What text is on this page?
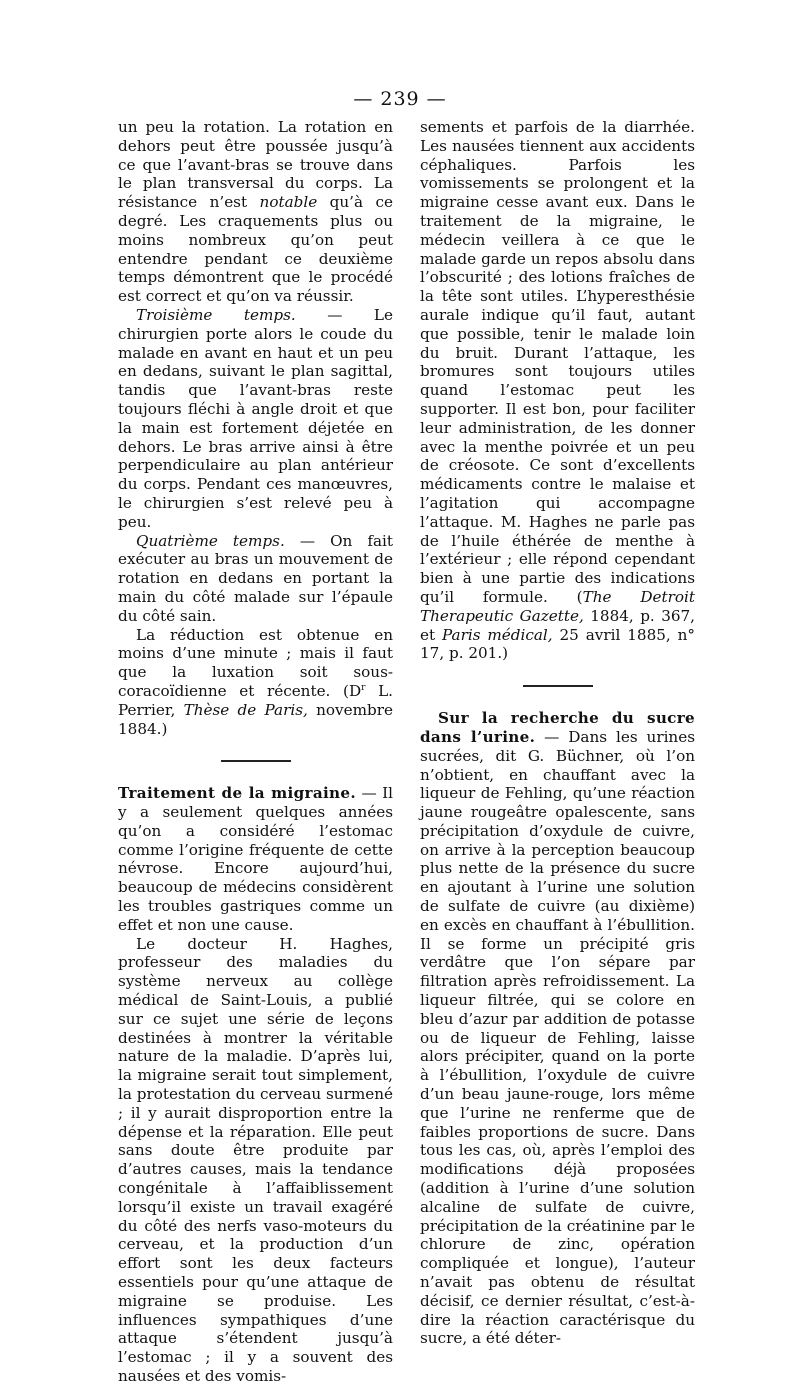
— 239 —

un peu la rotation. La rotation en dehors peut être poussée jusqu’à ce que l’avant-bras se trouve dans le plan transversal du corps. La résistance n’est notable qu’à ce degré. Les craquements plus ou moins nombreux qu’on peut entendre pendant ce deuxième temps démontrent que le procédé est correct et qu’on va réussir.

Troisième temps. — Le chirurgien porte alors le coude du malade en avant en haut et un peu en dedans, suivant le plan sagittal, tandis que l’avant-bras reste toujours fléchi à angle droit et que la main est fortement déjetée en dehors. Le bras arrive ainsi à être perpendiculaire au plan antérieur du corps. Pendant ces manœuvres, le chirurgien s’est relevé peu à peu.

Quatrième temps. — On fait exécuter au bras un mouvement de rotation en dedans en portant la main du côté malade sur l’épaule du côté sain.

La réduction est obtenue en moins d’une minute ; mais il faut que la luxation soit sous-coracoïdienne et récente. ($D^r$ L. Perrier, Thèse de Paris, novembre 1884.)

Traitement de la migraine. — Il y a seulement quelques années qu’on a considéré l’estomac comme l’origine fréquente de cette névrose. Encore aujourd’hui, beaucoup de médecins considèrent les troubles gastriques comme un effet et non une cause.

Le docteur H. Haghes, professeur des maladies du système nerveux au collège médical de Saint-Louis, a publié sur ce sujet une série de leçons destinées à montrer la véritable nature de la maladie. D’après lui, la migraine serait tout simplement, la protestation du cerveau surmené ; il y aurait disproportion entre la dépense et la réparation. Elle peut sans doute être produite par d’autres causes, mais la tendance congénitale à l’affaiblissement lorsqu’il existe un travail exagéré du côté des nerfs vaso-moteurs du cerveau, et la production d’un effort sont les deux facteurs essentiels pour qu’une attaque de migraine se produise. Les influences sympathiques d’une attaque s’étendent jusqu’à l’estomac ; il y a souvent des nausées et des vomis-

sements et parfois de la diarrhée. Les nausées tiennent aux accidents céphaliques. Parfois les vomissements se prolongent et la migraine cesse avant eux. Dans le traitement de la migraine, le médecin veillera à ce que le malade garde un repos absolu dans l’obscurité ; des lotions fraîches de la tête sont utiles. L’hyperesthésie aurale indique qu’il faut, autant que possible, tenir le malade loin du bruit. Durant l’attaque, les bromures sont toujours utiles quand l’estomac peut les supporter. Il est bon, pour faciliter leur administration, de les donner avec la menthe poivrée et un peu de créosote. Ce sont d’excellents médicaments contre le malaise et l’agitation qui accompagne l’attaque. M. Haghes ne parle pas de l’huile éthérée de menthe à l’extérieur ; elle répond cependant bien à une partie des indications qu’il formule. (The Detroit Therapeutic Gazette, 1884, p. 367, et Paris médical, 25 avril 1885, n° 17, p. 201.)

Sur la recherche du sucre dans l’urine. — Dans les urines sucrées, dit G. Büchner, où l’on n’obtient, en chauffant avec la liqueur de Fehling, qu’une réaction jaune rougeâtre opalescente, sans précipitation d’oxydule de cuivre, on arrive à la perception beaucoup plus nette de la présence du sucre en ajoutant à l’urine une solution de sulfate de cuivre (au dixième) en excès en chauffant à l’ébullition. Il se forme un précipité gris verdâtre que l’on sépare par filtration après refroidissement. La liqueur filtrée, qui se colore en bleu d’azur par addition de potasse ou de liqueur de Fehling, laisse alors précipiter, quand on la porte à l’ébullition, l’oxydule de cuivre d’un beau jaune-rouge, lors même que l’urine ne renferme que de faibles proportions de sucre. Dans tous les cas, où, après l’emploi des modifications déjà proposées (addition à l’urine d’une solution alcaline de sulfate de cuivre, précipitation de la créatinine par le chlorure de zinc, opération compliquée et longue), l’auteur n’avait pas obtenu de résultat décisif, ce dernier résultat, c’est-à-dire la réaction caractérisque du sucre, a été déter-
